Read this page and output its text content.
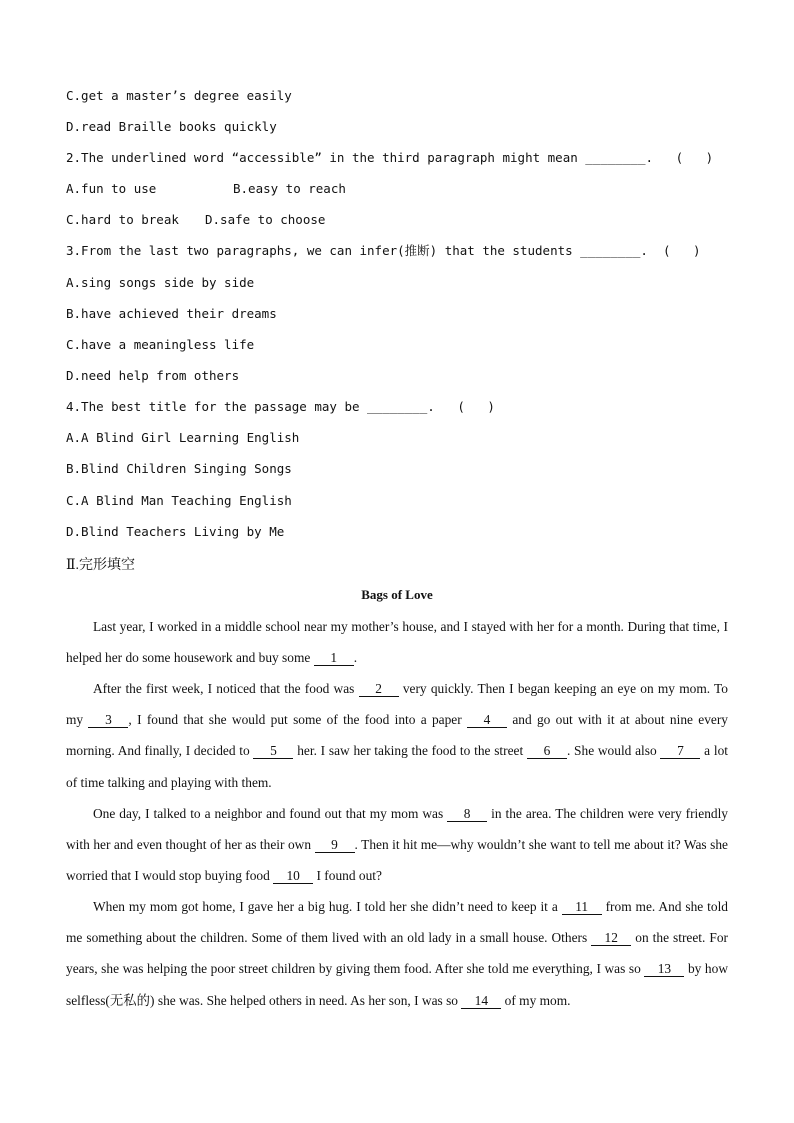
C.get a master’s degree easily
D.read Braille books quickly
2.The underlined word “accessible” in the third paragraph might mean ________.   (   )
A.fun to use	B.easy to reach
C.hard to break D.safe to choose
3.From the last two paragraphs, we can infer(推断) that the students ________.  (   )
A.sing songs side by side
B.have achieved their dreams
C.have a meaningless life
D.need help from others
4.The best title for the passage may be ________.   (   )
A.A Blind Girl Learning English
B.Blind Children Singing Songs
C.A Blind Man Teaching English
D.Blind Teachers Living by Me
Ⅱ.完形填空
Bags of Love
Last year, I worked in a middle school near my mother’s house, and I stayed with her for a month. During that time, I helped her do some housework and buy some 1 .
After the first week, I noticed that the food was 2 very quickly. Then I began keeping an eye on my mom. To my 3 , I found that she would put some of the food into a paper 4 and go out with it at about nine every morning. And finally, I decided to 5 her. I saw her taking the food to the street 6 . She would also 7 a lot of time talking and playing with them.
One day, I talked to a neighbor and found out that my mom was 8 in the area. The children were very friendly with her and even thought of her as their own 9 . Then it hit me—why wouldn’t she want to tell me about it? Was she worried that I would stop buying food 10 I found out?
When my mom got home, I gave her a big hug. I told her she didn’t need to keep it a 11 from me. And she told me something about the children. Some of them lived with an old lady in a small house. Others 12 on the street. For years, she was helping the poor street children by giving them food. After she told me everything, I was so 13 by how selfless(无私的) she was. She helped others in need. As her son, I was so 14 of my mom.
